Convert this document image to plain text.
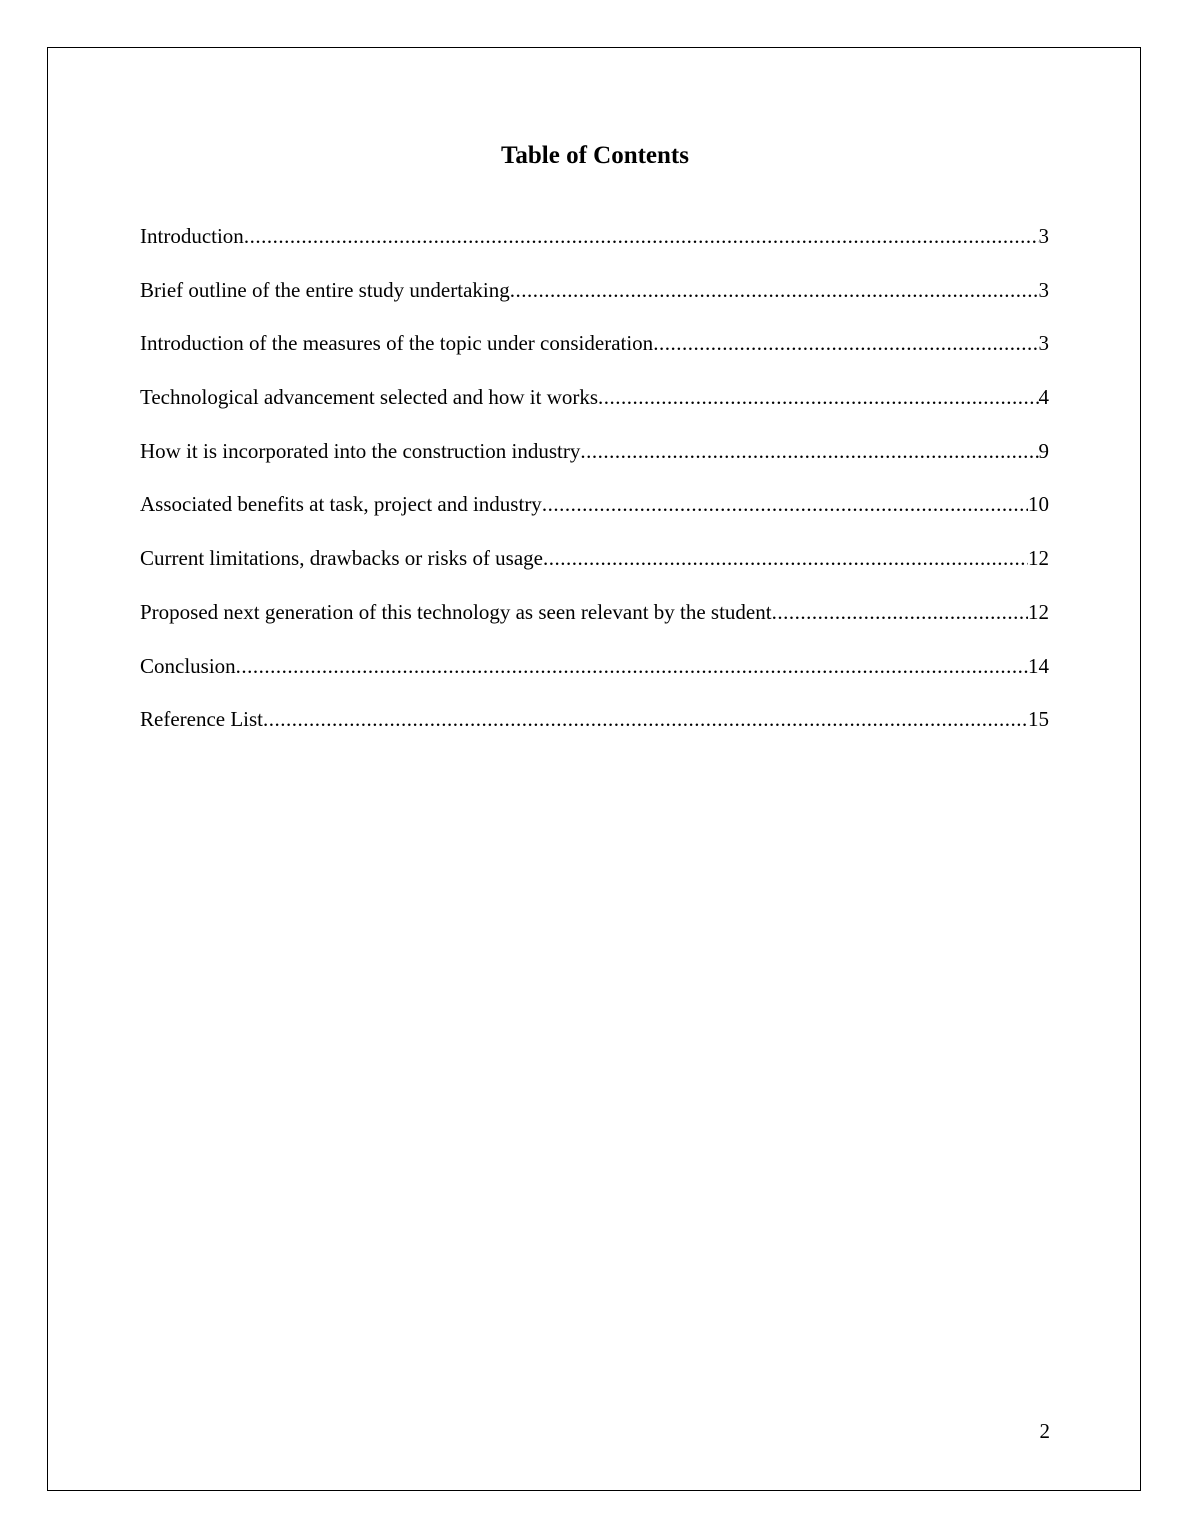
Table of Contents
Introduction .....	3
Brief outline of the entire study undertaking .....	3
Introduction of the measures of the topic under consideration .....	3
Technological advancement selected and how it works .....	4
How it is incorporated into the construction industry .....	9
Associated benefits at task, project and industry .....	10
Current limitations, drawbacks or risks of usage .....	12
Proposed next generation of this technology as seen relevant by the student .....	12
Conclusion .....	14
Reference List .....	15
2
